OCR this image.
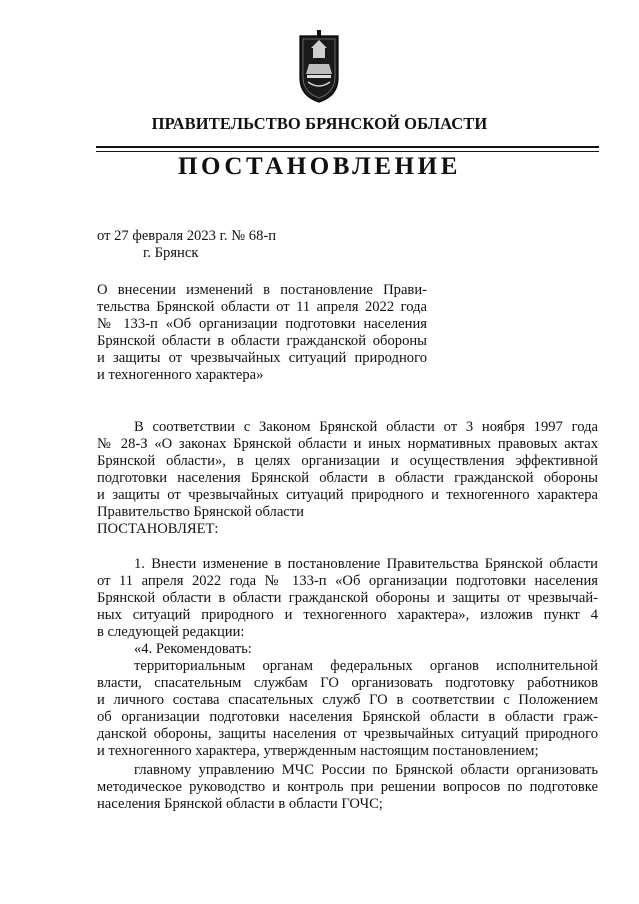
ПРАВИТЕЛЬСТВО БРЯНСКОЙ ОБЛАСТИ
ПОСТАНОВЛЕНИЕ
от 27 февраля 2023 г. № 68-п
г. Брянск
О внесении изменений в постановление Прави-
тельства Брянской области от 11 апреля 2022 года
№ 133-п «Об организации подготовки населения
Брянской области в области гражданской обороны
и защиты от чрезвычайных ситуаций природного
и техногенного характера»
В соответствии с Законом Брянской области от 3 ноября 1997 года
№ 28-З «О законах Брянской области и иных нормативных правовых актах
Брянской области», в целях организации и осуществления эффективной
подготовки населения Брянской области в области гражданской обороны
и защиты от чрезвычайных ситуаций природного и техногенного характера
Правительство Брянской области
ПОСТАНОВЛЯЕТ:
1. Внести изменение в постановление Правительства Брянской области
от 11 апреля 2022 года № 133-п «Об организации подготовки населения
Брянской области в области гражданской обороны и защиты от чрезвычай-
ных ситуаций природного и техногенного характера», изложив пункт 4
в следующей редакции:
«4. Рекомендовать:
территориальным органам федеральных органов исполнительной
власти, спасательным службам ГО организовать подготовку работников
и личного состава спасательных служб ГО в соответствии с Положением
об организации подготовки населения Брянской области в области граж-
данской обороны, защиты населения от чрезвычайных ситуаций природного
и техногенного характера, утвержденным настоящим постановлением;
главному управлению МЧС России по Брянской области организовать
методическое руководство и контроль при решении вопросов по подготовке
населения Брянской области в области ГОЧС;
